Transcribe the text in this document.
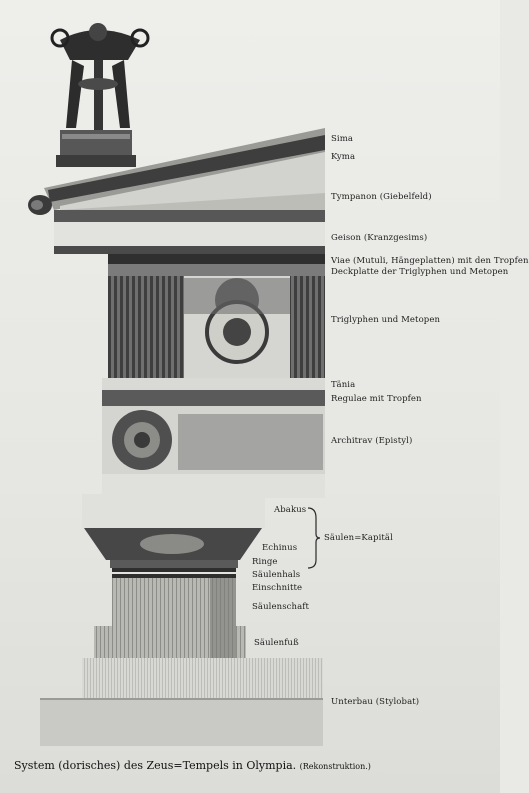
Sima
Kyma
Tympanon (Giebelfeld)
Geison (Kranzgesims)
Viae (Mutuli, Hängeplatten) mit den Tropfen
Deckplatte der Triglyphen und Metopen
Triglyphen und Metopen
Tänia
Regulae mit Tropfen
Architrav (Epistyl)
Abakus
Säulen=Kapitäl
Echinus
Ringe
Säulenhals
Einschnitte
Säulenschaft
Säulenfuß
Unterbau (Stylobat)
System (dorisches) des Zeus=Tempels in Olympia. (Rekonstruktion.)
